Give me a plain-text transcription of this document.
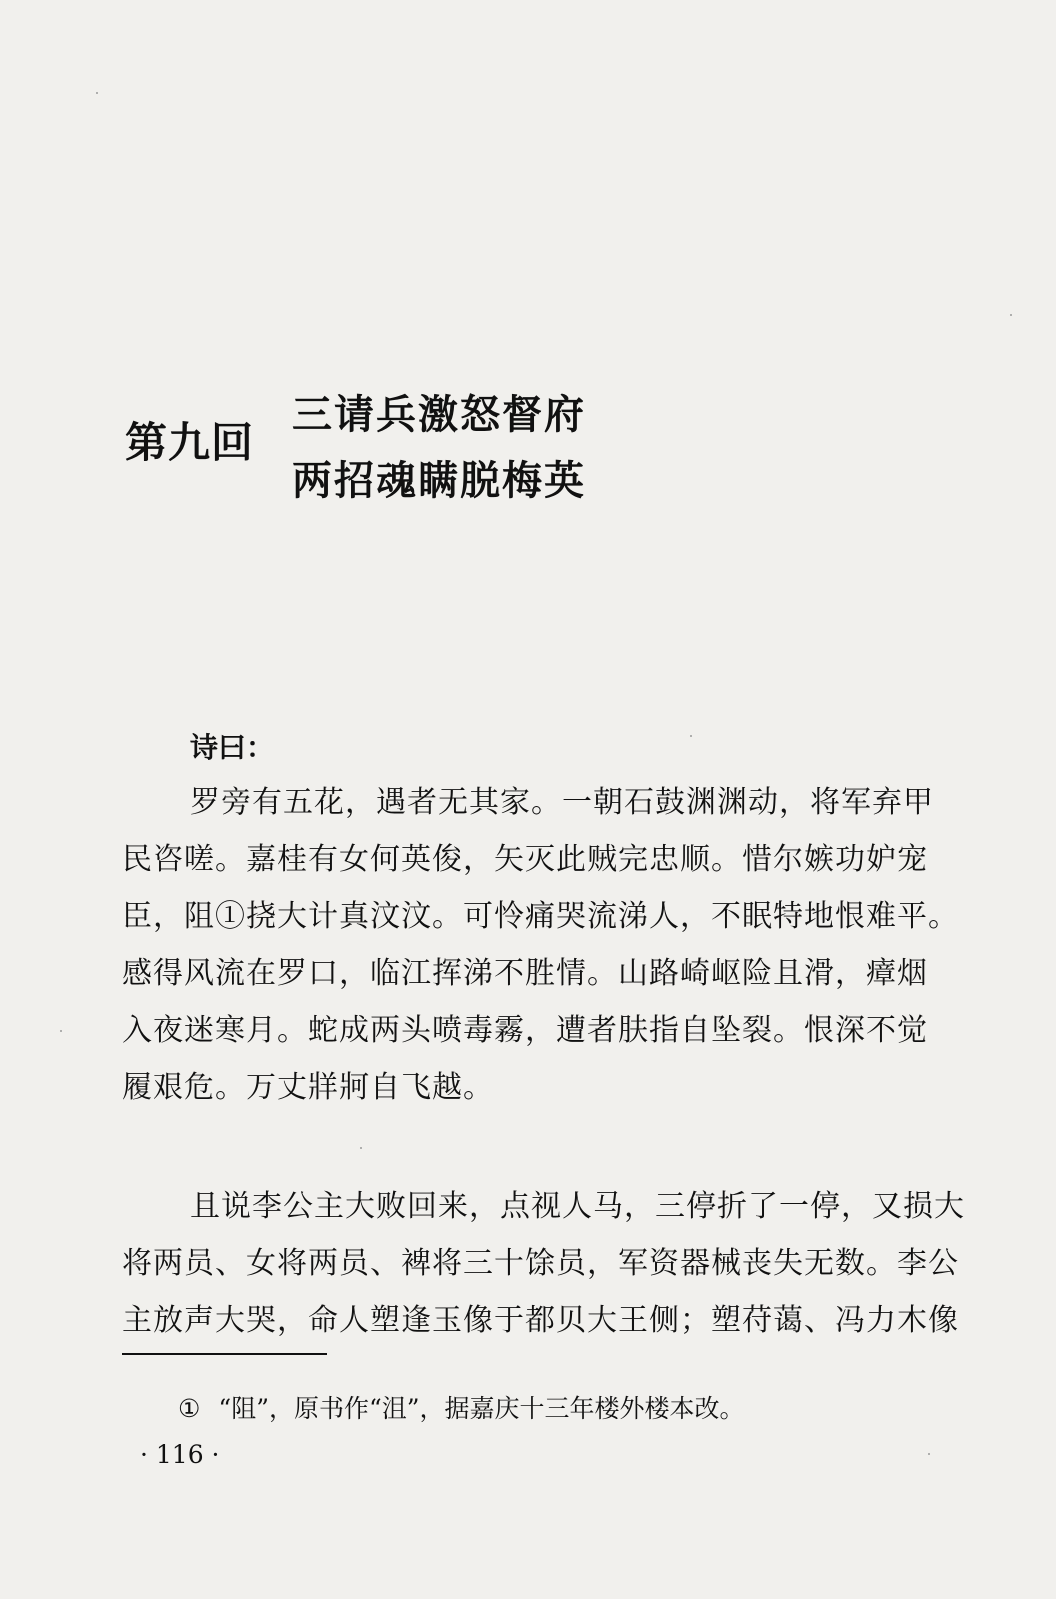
第九回
三请兵激怒督府
两招魂瞒脱梅英
诗曰：
罗旁有五花，遇者无其家。一朝石鼓渊渊动，将军弃甲
民咨嗟。嘉桂有女何英俊，矢灭此贼完忠顺。惜尔嫉功妒宠
臣，阻①挠大计真汶汶。可怜痛哭流涕人，不眠特地恨难平。
感得风流在罗口，临江挥涕不胜情。山路崎岖险且滑，瘴烟
入夜迷寒月。蛇成两头喷毒霧，遭者肤指自坠裂。恨深不觉
履艰危。万丈牂牁自飞越。
且说李公主大败回来，点视人马，三停折了一停，又损大
将两员、女将两员、裨将三十馀员，军资器械丧失无数。李公
主放声大哭，命人塑逢玉像于都贝大王侧；塑苻蔼、冯力木像
① “阻”，原书作“沮”，据嘉庆十三年楼外楼本改。
· 116 ·
